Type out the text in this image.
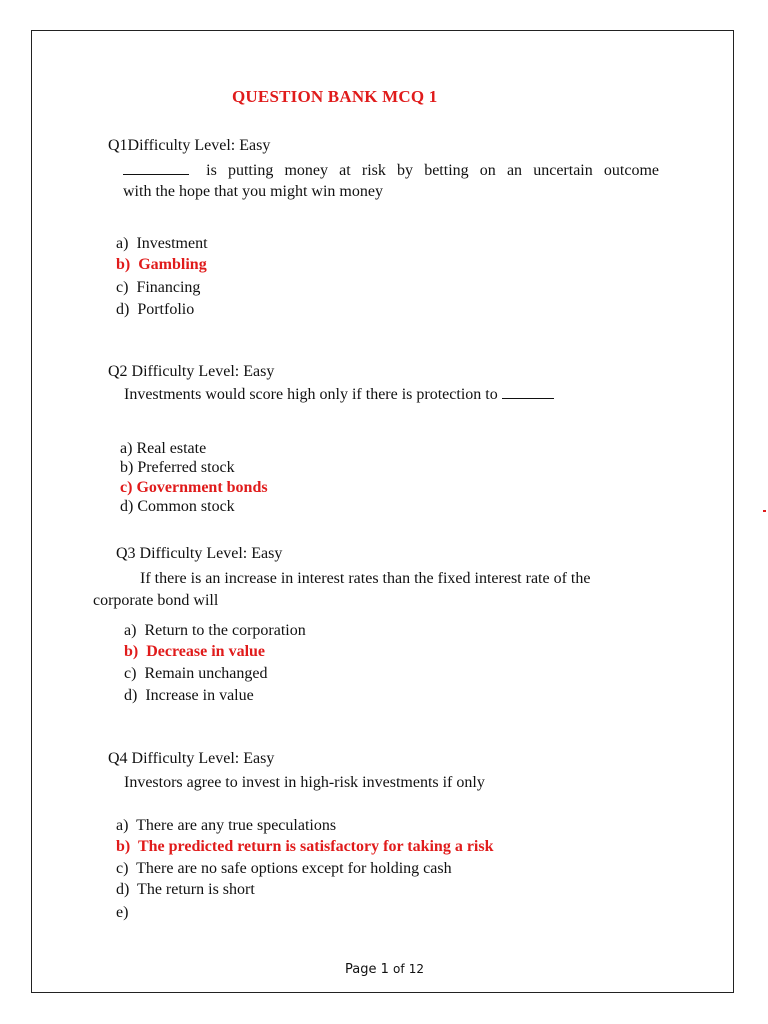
QUESTION BANK MCQ 1
Q1Difficulty Level: Easy
is putting money at risk by betting on an uncertain outcome
with the hope that you might win money
a) Investment
b) Gambling
c) Financing
d) Portfolio
Q2 Difficulty Level: Easy
Investments would score high only if there is protection to
a) Real estate
b) Preferred stock
c) Government bonds
d) Common stock
Q3 Difficulty Level: Easy
If there is an increase in interest rates than the fixed interest rate of the
corporate bond will
a) Return to the corporation
b) Decrease in value
c) Remain unchanged
d) Increase in value
Q4 Difficulty Level: Easy
Investors agree to invest in high-risk investments if only
a) There are any true speculations
b) The predicted return is satisfactory for taking a risk
c) There are no safe options except for holding cash
d) The return is short
e)
Page 1 of 12
